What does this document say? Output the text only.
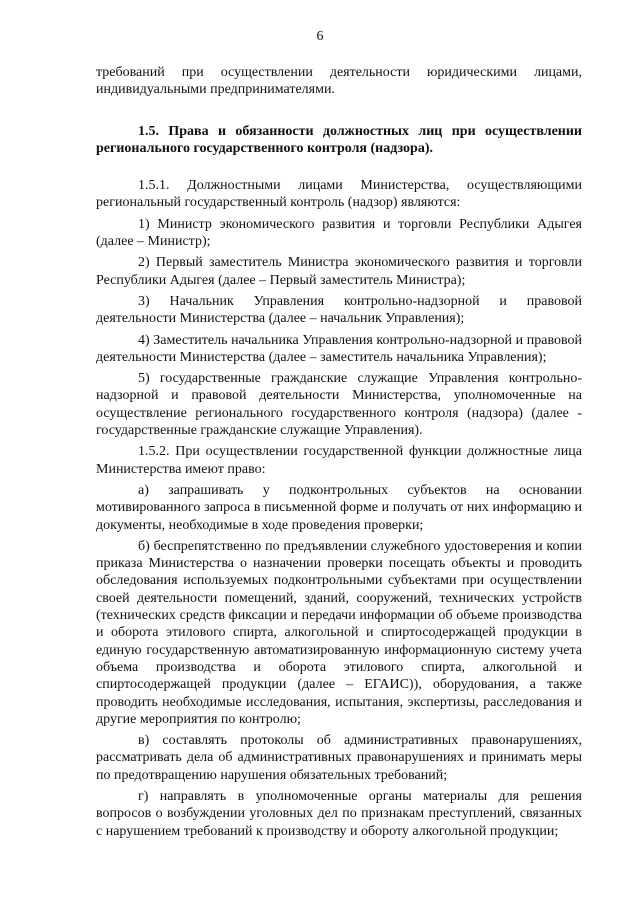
6

требований при осуществлении деятельности юридическими лицами, индивидуальными предпринимателями.

1.5. Права и обязанности должностных лиц при осуществлении регионального государственного контроля (надзора).

1.5.1. Должностными лицами Министерства, осуществляющими региональный государственный контроль (надзор) являются:

1) Министр экономического развития и торговли Республики Адыгея (далее – Министр);

2) Первый заместитель Министра экономического развития и торговли Республики Адыгея (далее – Первый заместитель Министра);

3) Начальник Управления контрольно-надзорной и правовой деятельности Министерства (далее – начальник Управления);

4) Заместитель начальника Управления контрольно-надзорной и правовой деятельности Министерства (далее – заместитель начальника Управления);

5) государственные гражданские служащие Управления контрольно-надзорной и правовой деятельности Министерства, уполномоченные на осуществление регионального государственного контроля (надзора) (далее - государственные гражданские служащие Управления).

1.5.2. При осуществлении государственной функции должностные лица Министерства имеют право:

а) запрашивать у подконтрольных субъектов на основании мотивированного запроса в письменной форме и получать от них информацию и документы, необходимые в ходе проведения проверки;

б) беспрепятственно по предъявлении служебного удостоверения и копии приказа Министерства о назначении проверки посещать объекты и проводить обследования используемых подконтрольными субъектами при осуществлении своей деятельности помещений, зданий, сооружений, технических устройств (технических средств фиксации и передачи информации об объеме производства и оборота этилового спирта, алкогольной и спиртосодержащей продукции в единую государственную автоматизированную информационную систему учета объема производства и оборота этилового спирта, алкогольной и спиртосодержащей продукции (далее – ЕГАИС)), оборудования, а также проводить необходимые исследования, испытания, экспертизы, расследования и другие мероприятия по контролю;

в) составлять протоколы об административных правонарушениях, рассматривать дела об административных правонарушениях и принимать меры по предотвращению нарушения обязательных требований;

г) направлять в уполномоченные органы материалы для решения вопросов о возбуждении уголовных дел по признакам преступлений, связанных с нарушением требований к производству и обороту алкогольной продукции;
